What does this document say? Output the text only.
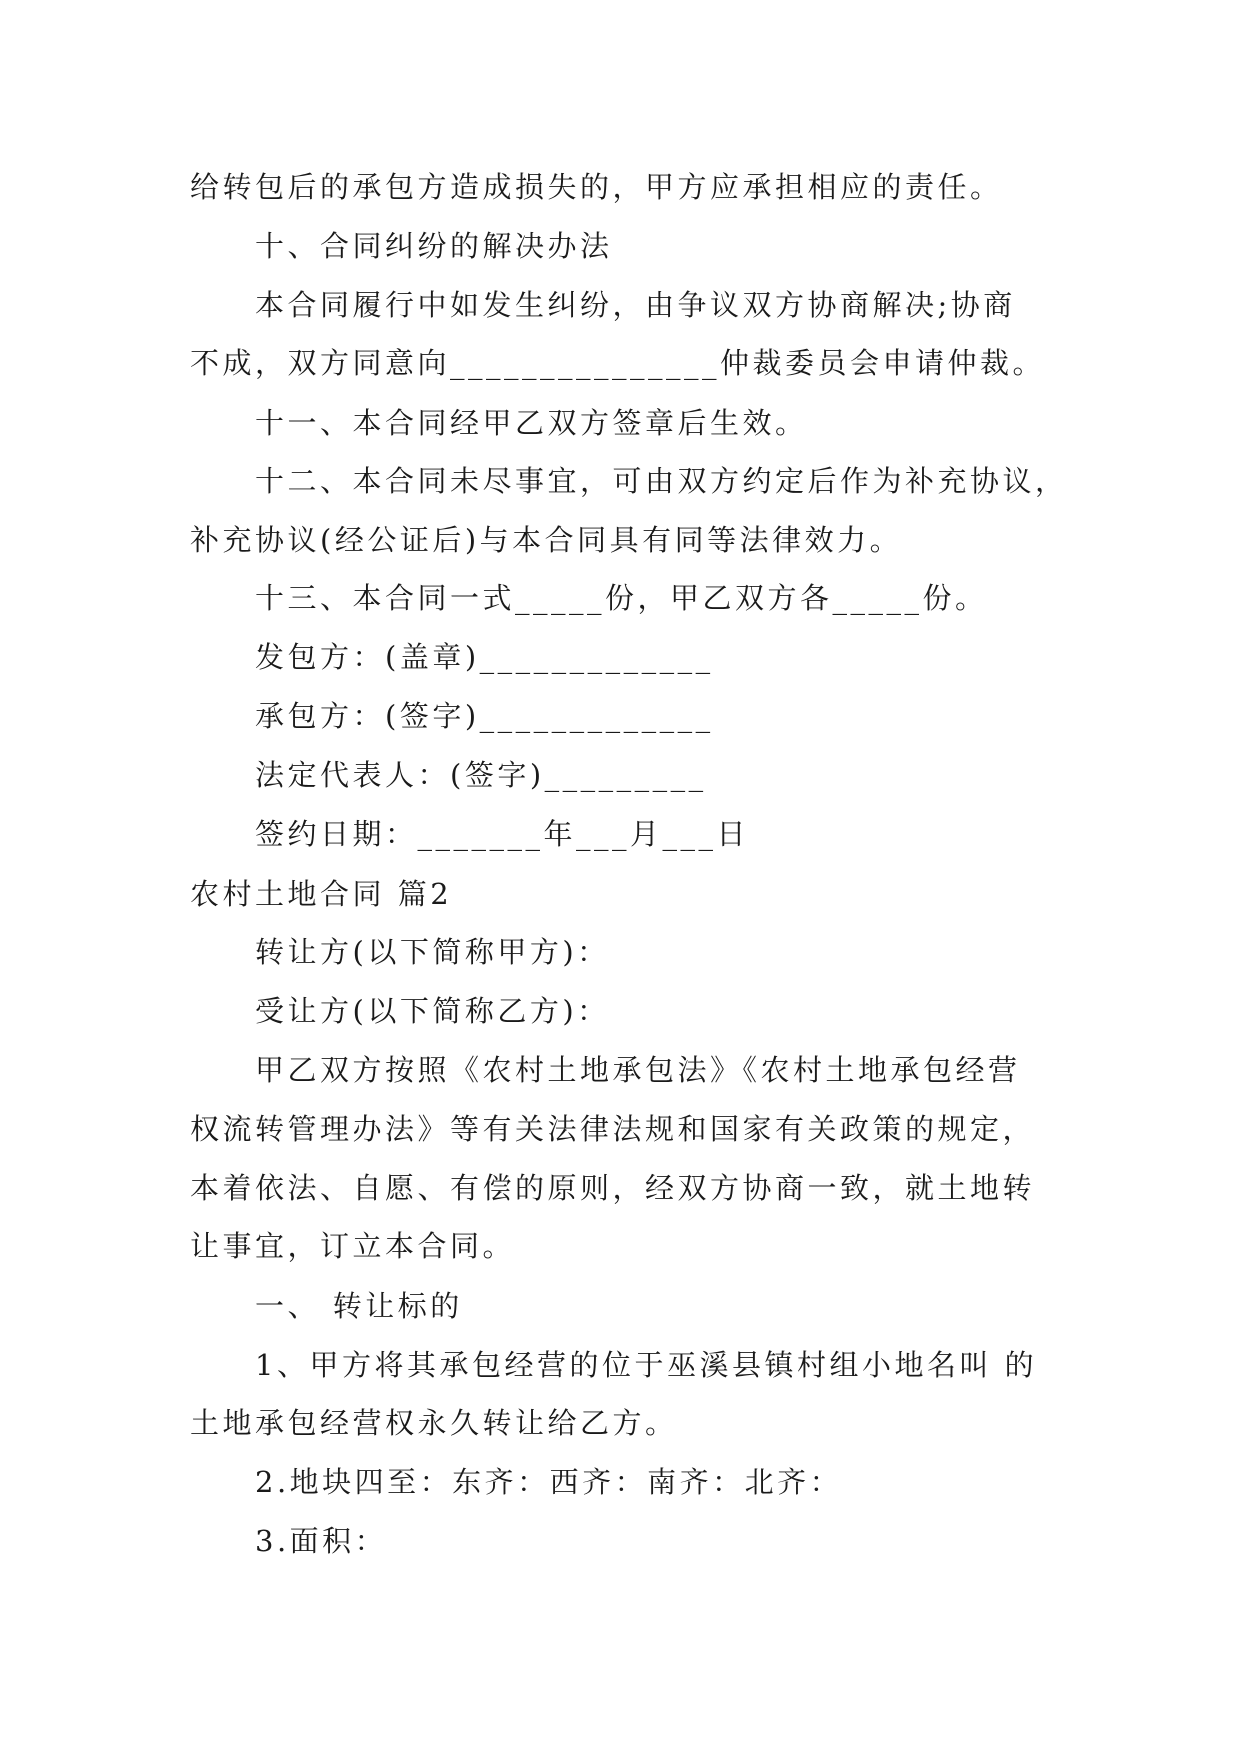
给转包后的承包方造成损失的，甲方应承担相应的责任。
十、合同纠纷的解决办法
本合同履行中如发生纠纷，由争议双方协商解决;协商
不成，双方同意向_______________仲裁委员会申请仲裁。
十一、本合同经甲乙双方签章后生效。
十二、本合同未尽事宜，可由双方约定后作为补充协议，
补充协议(经公证后)与本合同具有同等法律效力。
十三、本合同一式_____份，甲乙双方各_____份。
发包方：(盖章)_____________
承包方：(签字)_____________
法定代表人：(签字)_________
签约日期：_______年___月___日
农村土地合同 篇2
转让方(以下简称甲方)：
受让方(以下简称乙方)：
甲乙双方按照《农村土地承包法》《农村土地承包经营
权流转管理办法》等有关法律法规和国家有关政策的规定，
本着依法、自愿、有偿的原则，经双方协商一致，就土地转
让事宜，订立本合同。
一、 转让标的
1、甲方将其承包经营的位于巫溪县镇村组小地名叫 的
土地承包经营权永久转让给乙方。
2.地块四至：东齐：西齐：南齐：北齐：
3.面积：
